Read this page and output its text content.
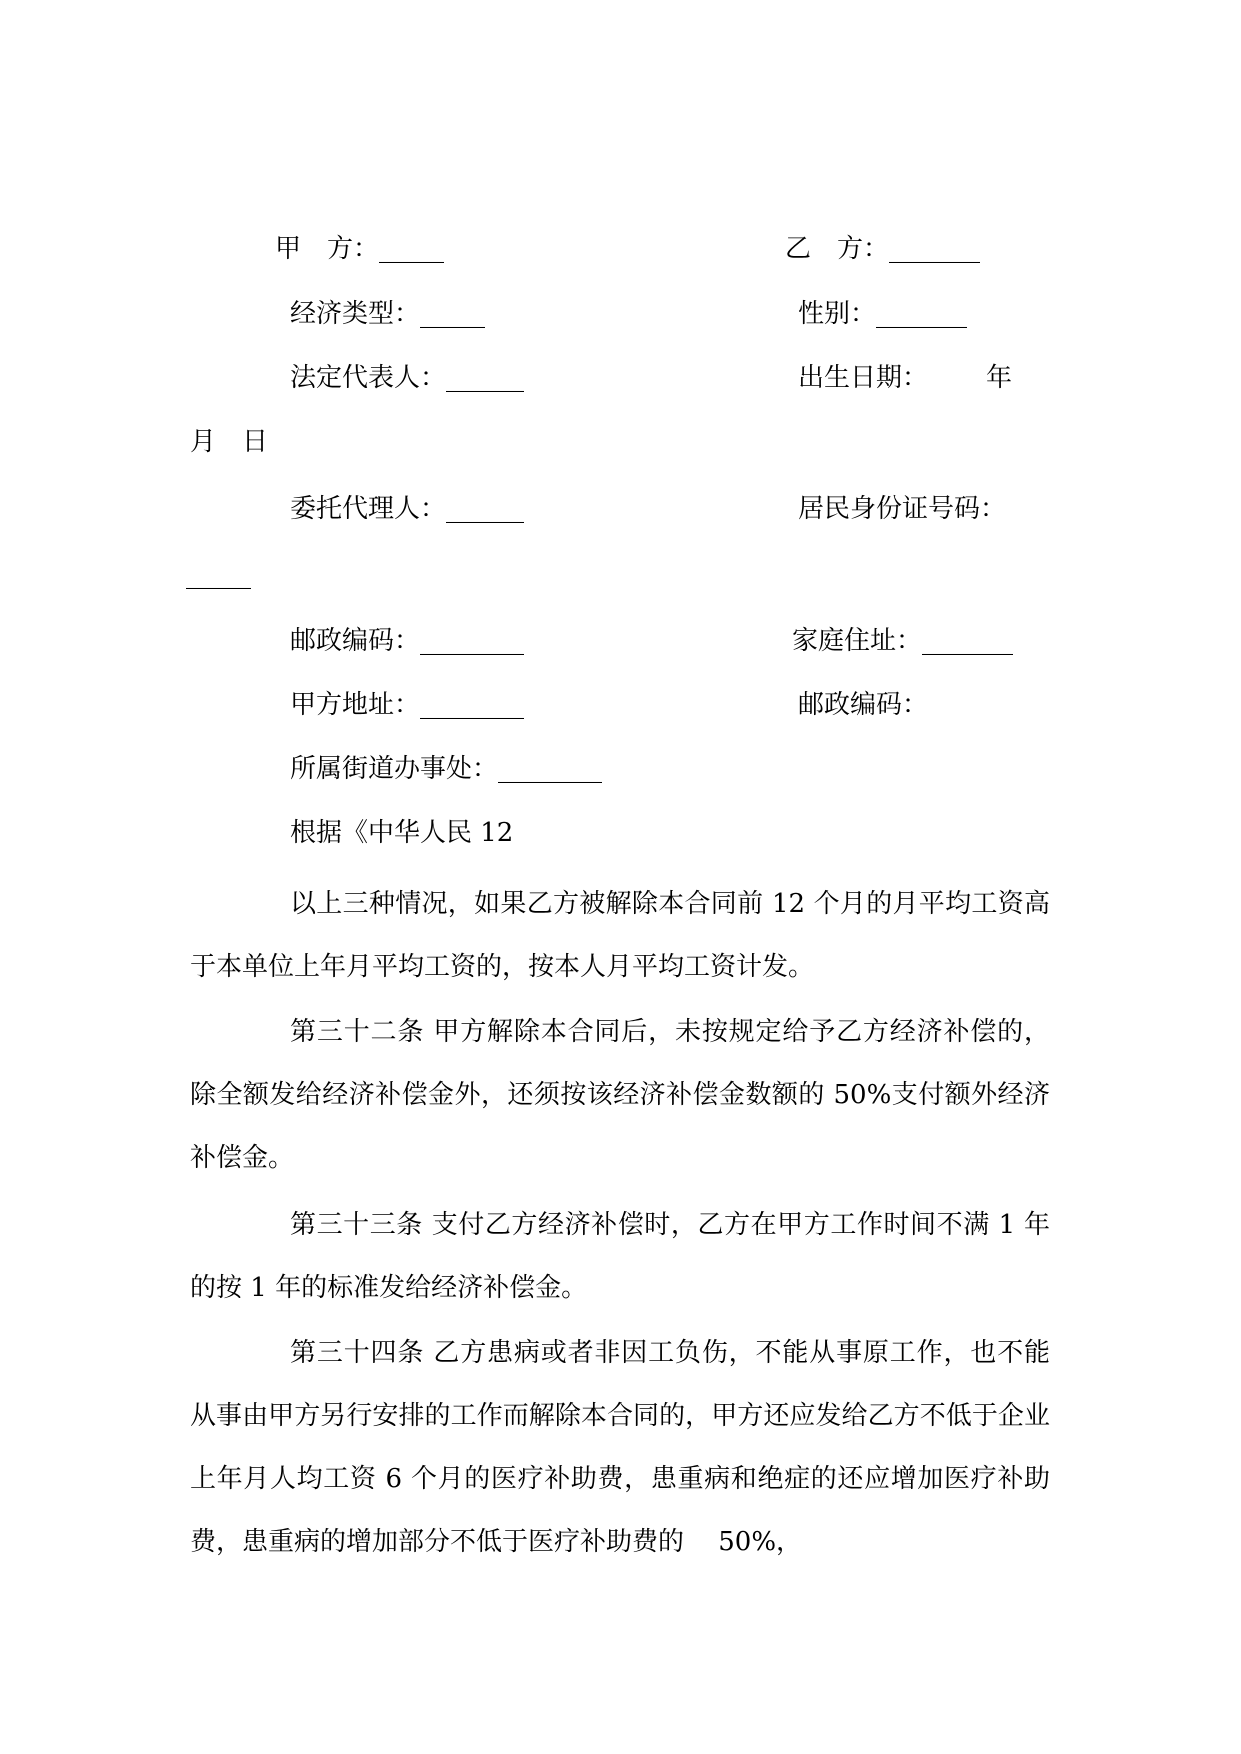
甲　方：_____	乙　方：_______
经济类型：_____	性别：_______
法定代表人：______	出生日期： 年
月　日
委托代理人：______	居民身份证号码：
_____
邮政编码：________	家庭住址：_______
甲方地址：________	邮政编码：
所属街道办事处：________
根据《中华人民 12
以上三种情况，如果乙方被解除本合同前 12 个月的月平均工资高于本单位上年月平均工资的，按本人月平均工资计发。
第三十二条 甲方解除本合同后，未按规定给予乙方经济补偿的，除全额发给经济补偿金外，还须按该经济补偿金数额的 50%支付额外经济补偿金。
第三十三条 支付乙方经济补偿时，乙方在甲方工作时间不满 1 年的按 1 年的标准发给经济补偿金。
第三十四条 乙方患病或者非因工负伤，不能从事原工作，也不能从事由甲方另行安排的工作而解除本合同的，甲方还应发给乙方不低于企业上年月人均工资 6 个月的医疗补助费，患重病和绝症的还应增加医疗补助费，患重病的增加部分不低于医疗补助费的　 50%，
